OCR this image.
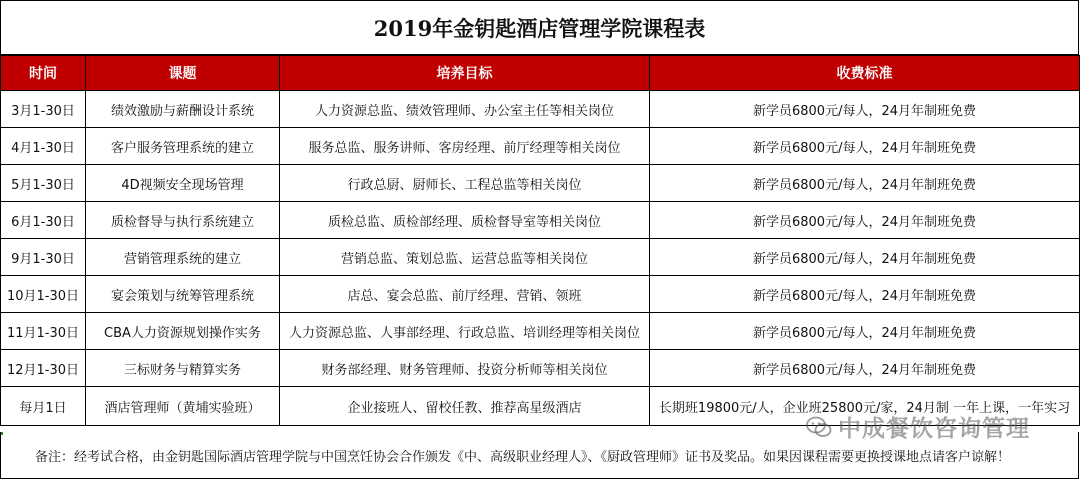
2019年金钥匙酒店管理学院课程表
时间	课题	培养目标	收费标准
3月1-30日	绩效激励与薪酬设计系统	人力资源总监、绩效管理师、办公室主任等相关岗位	新学员6800元/每人，24月年制班免费
4月1-30日	客户服务管理系统的建立	服务总监、服务讲师、客房经理、前厅经理等相关岗位	新学员6800元/每人，24月年制班免费
5月1-30日	4D视频安全现场管理	行政总厨、厨师长、工程总监等相关岗位	新学员6800元/每人，24月年制班免费
6月1-30日	质检督导与执行系统建立	质检总监、质检部经理、质检督导室等相关岗位	新学员6800元/每人，24月年制班免费
9月1-30日	营销管理系统的建立	营销总监、策划总监、运营总监等相关岗位	新学员6800元/每人，24月年制班免费
10月1-30日	宴会策划与统筹管理系统	店总、宴会总监、前厅经理、营销、领班	新学员6800元/每人，24月年制班免费
11月1-30日	CBA人力资源规划操作实务	人力资源总监、人事部经理、行政总监、培训经理等相关岗位	新学员6800元/每人，24月年制班免费
12月1-30日	三标财务与精算实务	财务部经理、财务管理师、投资分析师等相关岗位	新学员6800元/每人，24月年制班免费
每月1日	酒店管理师（黄埔实验班）	企业接班人、留校任教、推荐高星级酒店	长期班19800元/人，企业班25800元/家，24月制 一年上课，一年实习
备注：经考试合格，由金钥匙国际酒店管理学院与中国烹饪协会合作颁发《中、高级职业经理人》、《厨政管理师》证书及奖品。如果因课程需要更换授课地点请客户谅解！
中成餐饮咨询管理
